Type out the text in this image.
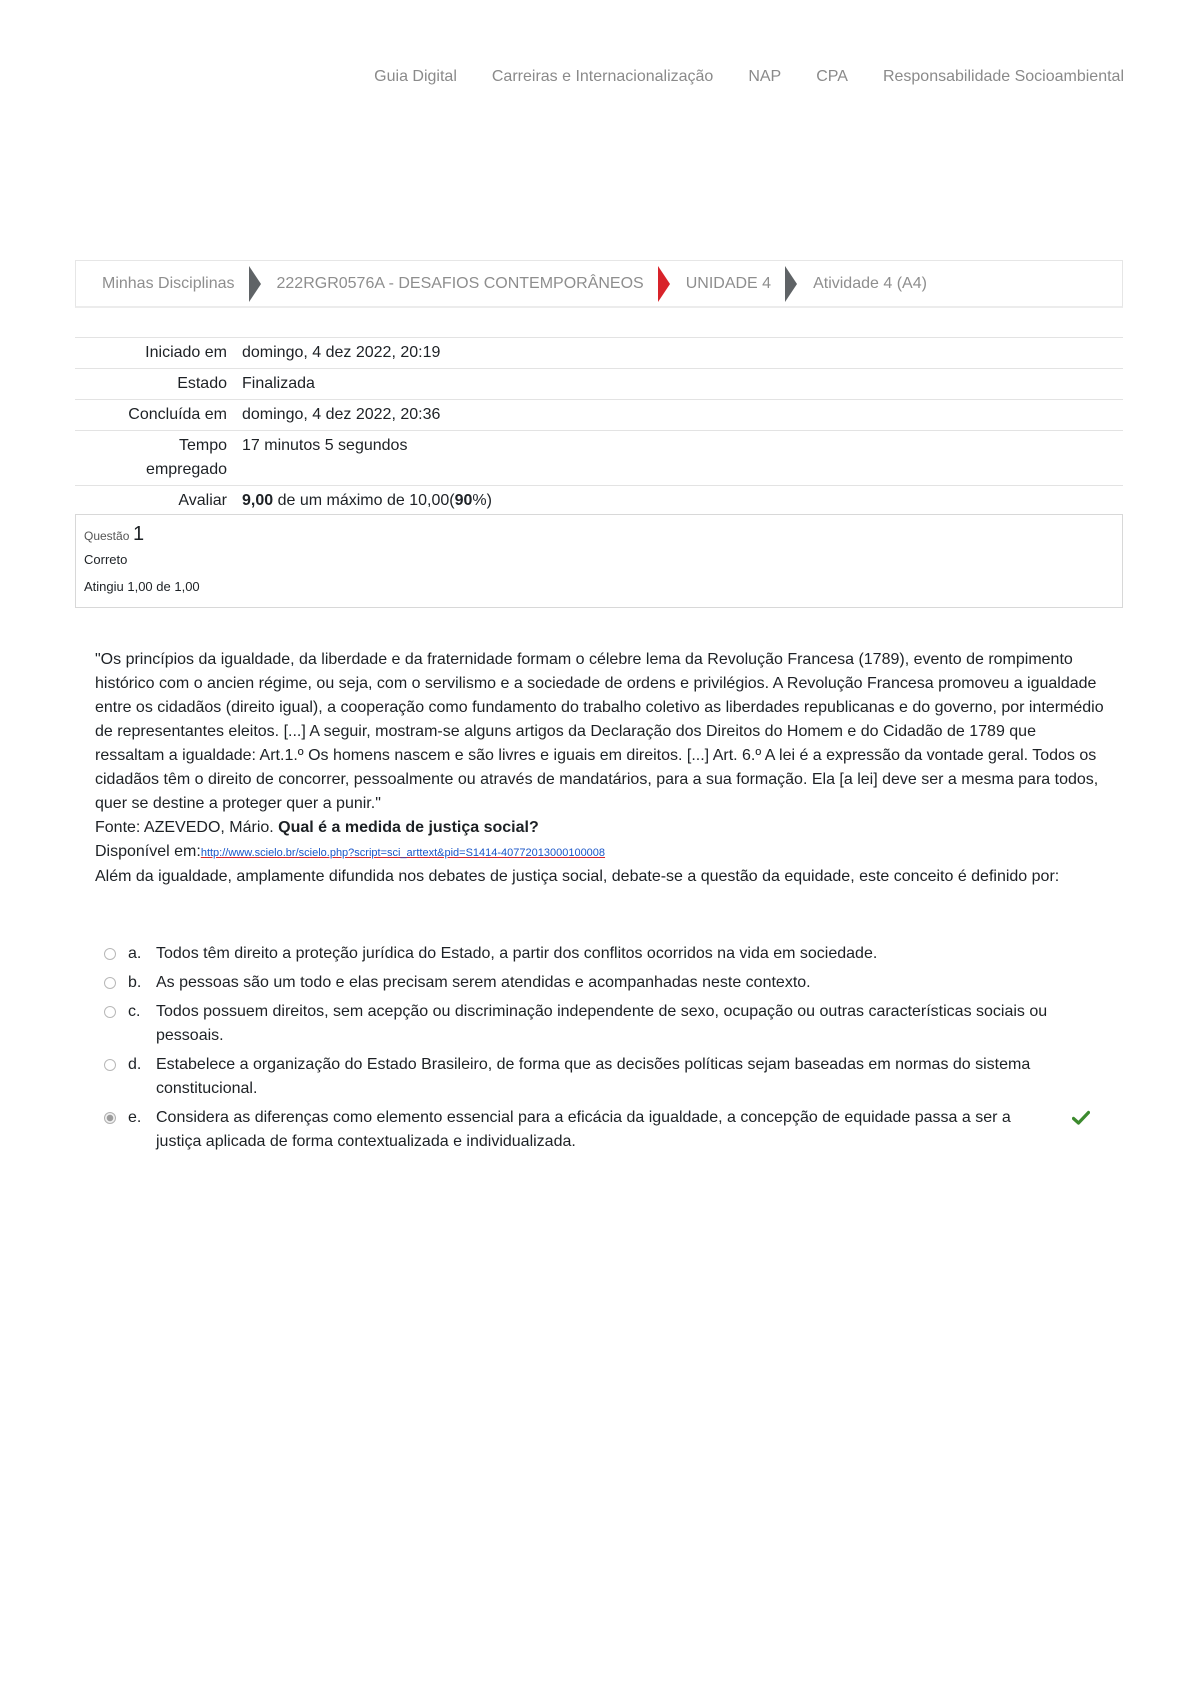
Guia Digital Carreiras e Internacionalização NAP CPA Responsabilidade Socioambiental
Minhas Disciplinas	222RGR0576A - DESAFIOS CONTEMPORÂNEOS	UNIDADE 4	Atividade 4 (A4)
Iniciado em	domingo, 4 dez 2022, 20:19
Estado	Finalizada
Concluída em	domingo, 4 dez 2022, 20:36
Tempo
empregado	17 minutos 5 segundos
Avaliar	9,00 de um máximo de 10,00(90%)
Questão 1
Correto
Atingiu 1,00 de 1,00

"Os princípios da igualdade, da liberdade e da fraternidade formam o célebre lema da Revolução Francesa (1789), evento de rompimento histórico com o ancien régime, ou seja, com o servilismo e a sociedade de ordens e privilégios. A Revolução Francesa promoveu a igualdade entre os cidadãos (direito igual), a cooperação como fundamento do trabalho coletivo as liberdades republicanas e do governo, por intermédio de representantes eleitos. [...] A seguir, mostram-se alguns artigos da Declaração dos Direitos do Homem e do Cidadão de 1789 que ressaltam a igualdade: Art.1.º Os homens nascem e são livres e iguais em direitos. [...] Art. 6.º A lei é a expressão da vontade geral. Todos os cidadãos têm o direito de concorrer, pessoalmente ou através de mandatários, para a sua formação. Ela [a lei] deve ser a mesma para todos, quer se destine a proteger quer a punir."

Fonte: AZEVEDO, Mário. Qual é a medida de justiça social?

Disponível em:http://www.scielo.br/scielo.php?script=sci_arttext&pid=S1414-40772013000100008

Além da igualdade, amplamente difundida nos debates de justiça social, debate-se a questão da equidade, este conceito é definido por:

a. Todos têm direito a proteção jurídica do Estado, a partir dos conflitos ocorridos na vida em sociedade.
b. As pessoas são um todo e elas precisam serem atendidas e acompanhadas neste contexto.
c. Todos possuem direitos, sem acepção ou discriminação independente de sexo, ocupação ou outras características sociais ou pessoais.
d. Estabelece a organização do Estado Brasileiro, de forma que as decisões políticas sejam baseadas em normas do sistema constitucional.
e. Considera as diferenças como elemento essencial para a eficácia da igualdade, a concepção de equidade passa a ser a justiça aplicada de forma contextualizada e individualizada.
